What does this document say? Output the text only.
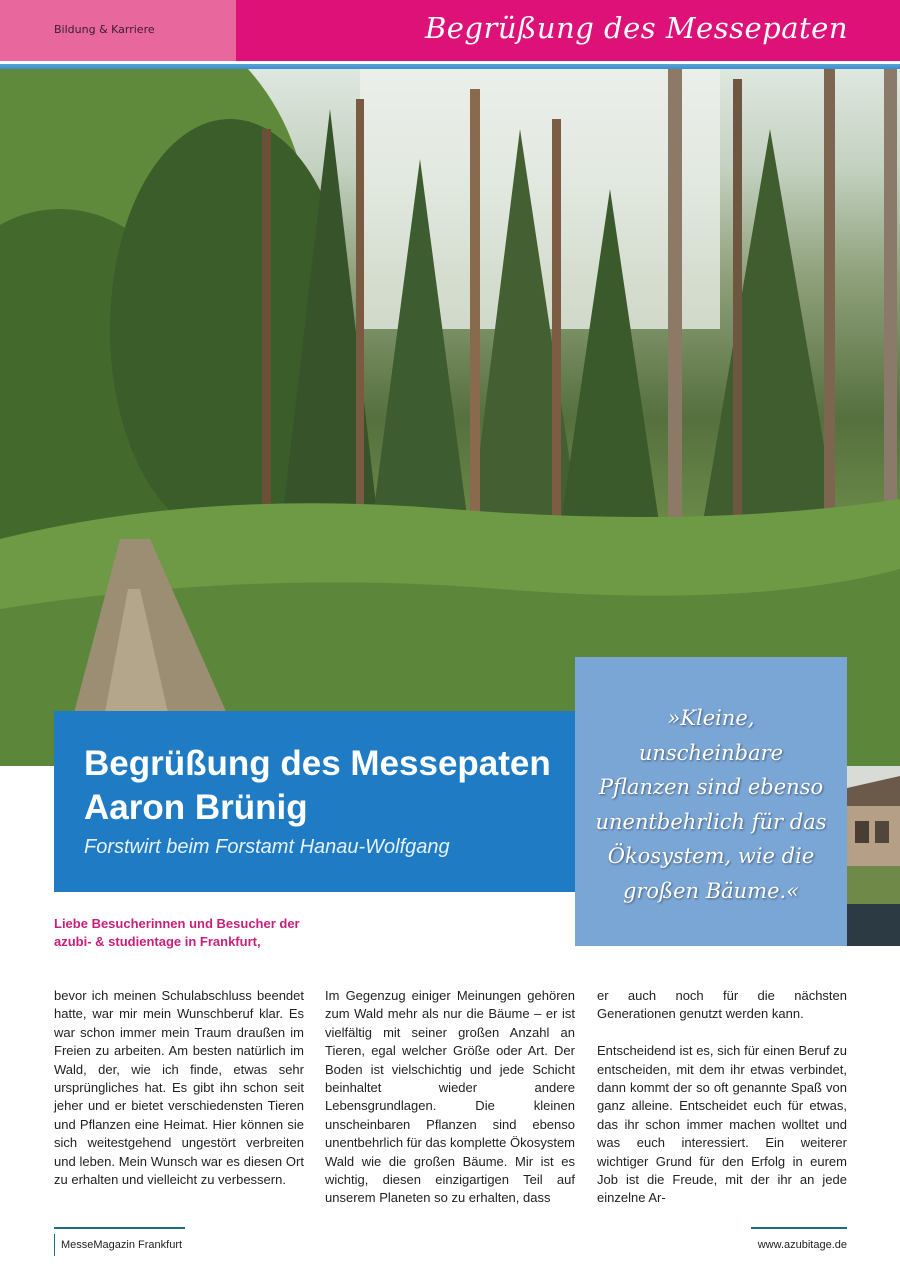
Bildung & Karriere	Begrüßung des Messepaten
Begrüßung des Messepaten
Aaron Brünig
Forstwirt beim Forstamt Hanau-Wolfgang

»Kleine,
unscheinbare
Pflanzen sind ebenso
unentbehrlich für das
Ökosystem, wie die
großen Bäume.«

Liebe Besucherinnen und Besucher der
azubi- & studientage in Frankfurt,

bevor ich meinen Schulabschluss beendet hatte, war mir mein Wunschberuf klar. Es war schon immer mein Traum draußen im Freien zu arbeiten. Am besten natürlich im Wald, der, wie ich finde, etwas sehr ursprüngliches hat. Es gibt ihn schon seit jeher und er bietet verschiedensten Tieren und Pflanzen eine Heimat. Hier können sie sich weitestgehend ungestört verbreiten und leben. Mein Wunsch war es diesen Ort zu erhalten und vielleicht zu verbessern.

Im Gegenzug einiger Meinungen gehören zum Wald mehr als nur die Bäume – er ist vielfältig mit seiner großen Anzahl an Tieren, egal welcher Größe oder Art. Der Boden ist vielschichtig und jede Schicht beinhaltet wieder andere Lebensgrundlagen. Die kleinen unscheinbaren Pflanzen sind ebenso unentbehrlich für das komplette Ökosystem Wald wie die großen Bäume. Mir ist es wichtig, diesen einzigartigen Teil auf unserem Planeten so zu erhalten, dass

er auch noch für die nächsten Generationen genutzt werden kann.

Entscheidend ist es, sich für einen Beruf zu entscheiden, mit dem ihr etwas verbindet, dann kommt der so oft genannte Spaß von ganz alleine. Entscheidet euch für etwas, das ihr schon immer machen wolltet und was euch interessiert. Ein weiterer wichtiger Grund für den Erfolg in eurem Job ist die Freude, mit der ihr an jede einzelne Ar-

MesseMagazin Frankfurt	www.azubitage.de
